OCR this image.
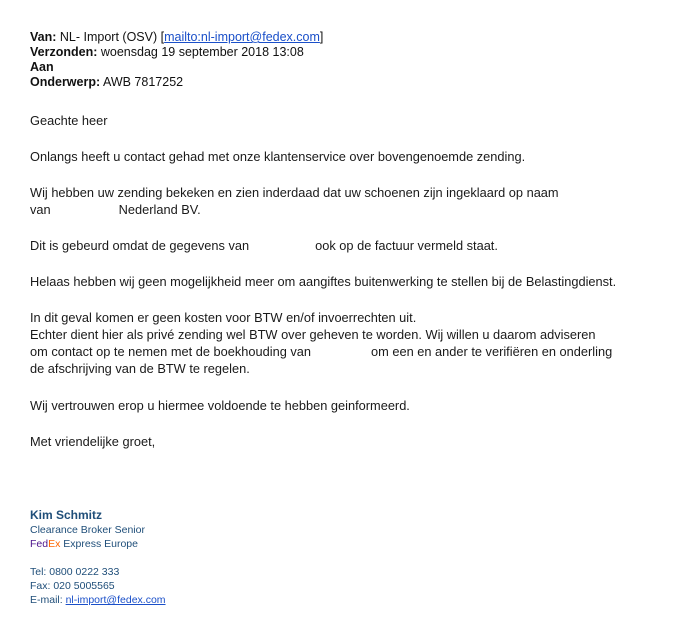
Van: NL- Import (OSV) [mailto:nl-import@fedex.com]
Verzonden: woensdag 19 september 2018 13:08
Aan
Onderwerp: AWB 7817252
Geachte heer
Onlangs heeft u contact gehad met onze klantenservice over bovengenoemde zending.
Wij hebben uw zending bekeken en zien inderdaad dat uw schoenen zijn ingeklaard op naam
van	Nederland BV.
Dit is gebeurd omdat de gegevens van	ook op de factuur vermeld staat.
Helaas hebben wij geen mogelijkheid meer om aangiftes buitenwerking te stellen bij de Belastingdienst.
In dit geval komen er geen kosten voor BTW en/of invoerrechten uit.
Echter dient hier als privé zending wel BTW over geheven te worden. Wij willen u daarom adviseren
om contact op te nemen met de boekhouding van	om een en ander te verifiëren en onderling
de afschrijving van de BTW te regelen.
Wij vertrouwen erop u hiermee voldoende te hebben geinformeerd.
Met vriendelijke groet,
Kim Schmitz
Clearance Broker Senior
FedEx Express Europe
Tel: 0800 0222 333
Fax: 020 5005565
E-mail: nl-import@fedex.com
